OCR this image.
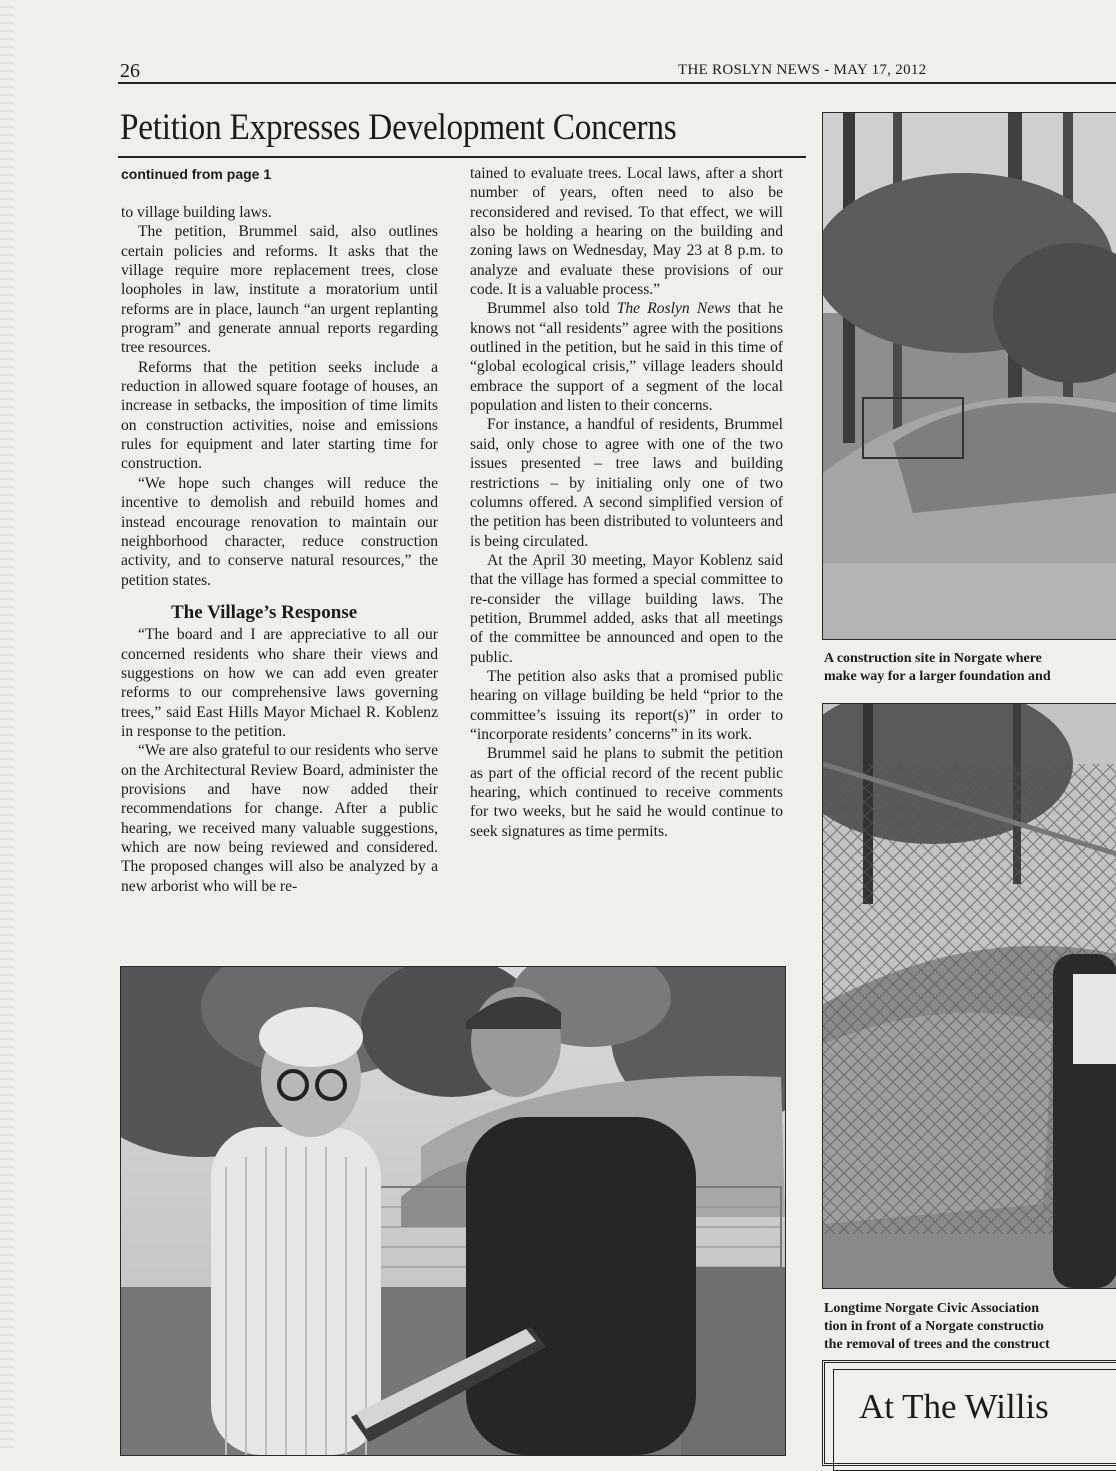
26	THE ROSLYN NEWS - MAY 17, 2012
Petition Expresses Development Concerns
continued from page 1

to village building laws.

The petition, Brummel said, also outlines certain policies and reforms. It asks that the village require more replacement trees, close loopholes in law, institute a moratorium until reforms are in place, launch “an urgent replanting program” and generate annual reports regarding tree resources.

Reforms that the petition seeks include a reduction in allowed square footage of houses, an increase in setbacks, the imposition of time limits on construction activities, noise and emissions rules for equipment and later starting time for construction.

“We hope such changes will reduce the incentive to demolish and rebuild homes and instead encourage renovation to maintain our neighborhood character, reduce construction activity, and to conserve natural resources,” the petition states.

The Village’s Response

“The board and I are appreciative to all our concerned residents who share their views and suggestions on how we can add even greater reforms to our comprehensive laws governing trees,” said East Hills Mayor Michael R. Koblenz in response to the petition.

“We are also grateful to our residents who serve on the Architectural Review Board, administer the provisions and have now added their recommendations for change. After a public hearing, we received many valuable suggestions, which are now being reviewed and considered. The proposed changes will also be analyzed by a new arborist who will be re-

tained to evaluate trees. Local laws, after a short number of years, often need to also be reconsidered and revised. To that effect, we will also be holding a hearing on the building and zoning laws on Wednesday, May 23 at 8 p.m. to analyze and evaluate these provisions of our code. It is a valuable process.”

Brummel also told The Roslyn News that he knows not “all residents” agree with the positions outlined in the petition, but he said in this time of “global ecological crisis,” village leaders should embrace the support of a segment of the local population and listen to their concerns.

For instance, a handful of residents, Brummel said, only chose to agree with one of the two issues presented – tree laws and building restrictions – by initialing only one of two columns offered. A second simplified version of the petition has been distributed to volunteers and is being circulated.

At the April 30 meeting, Mayor Koblenz said that the village has formed a special committee to re-consider the village building laws. The petition, Brummel added, asks that all meetings of the committee be announced and open to the public.

The petition also asks that a promised public hearing on village building be held “prior to the committee’s issuing its report(s)” in order to “incorporate residents’ concerns” in its work.

Brummel said he plans to submit the petition as part of the official record of the recent public hearing, which continued to receive comments for two weeks, but he said he would continue to seek signatures as time permits.

A construction site in Norgate where
make way for a larger foundation and
Longtime Norgate Civic Association
tion in front of a Norgate constructio
the removal of trees and the construct
At The Willis
